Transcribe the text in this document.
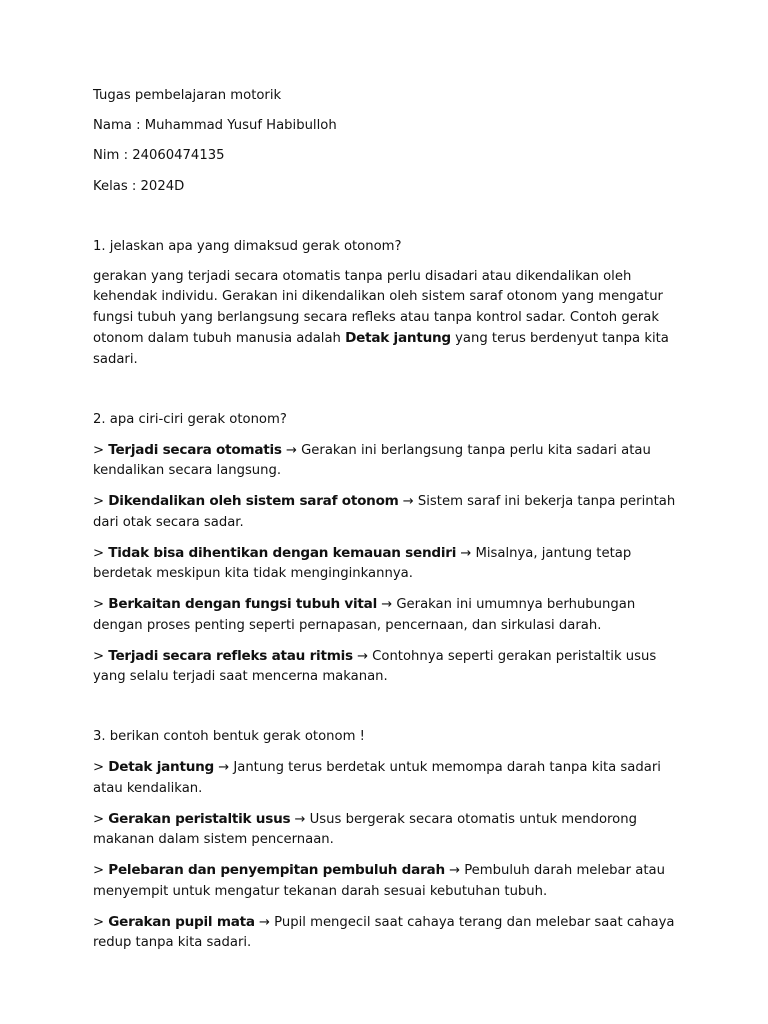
Tugas pembelajaran motorik

Nama : Muhammad Yusuf Habibulloh

Nim : 24060474135

Kelas : 2024D

1. jelaskan apa yang dimaksud gerak otonom?

gerakan yang terjadi secara otomatis tanpa perlu disadari atau dikendalikan oleh kehendak individu. Gerakan ini dikendalikan oleh sistem saraf otonom yang mengatur fungsi tubuh yang berlangsung secara refleks atau tanpa kontrol sadar. Contoh gerak otonom dalam tubuh manusia adalah Detak jantung yang terus berdenyut tanpa kita sadari.

2. apa ciri-ciri gerak otonom?

> Terjadi secara otomatis → Gerakan ini berlangsung tanpa perlu kita sadari atau kendalikan secara langsung.

> Dikendalikan oleh sistem saraf otonom → Sistem saraf ini bekerja tanpa perintah dari otak secara sadar.

> Tidak bisa dihentikan dengan kemauan sendiri → Misalnya, jantung tetap berdetak meskipun kita tidak menginginkannya.

> Berkaitan dengan fungsi tubuh vital → Gerakan ini umumnya berhubungan dengan proses penting seperti pernapasan, pencernaan, dan sirkulasi darah.

> Terjadi secara refleks atau ritmis → Contohnya seperti gerakan peristaltik usus yang selalu terjadi saat mencerna makanan.

3. berikan contoh bentuk gerak otonom !

> Detak jantung → Jantung terus berdetak untuk memompa darah tanpa kita sadari atau kendalikan.

> Gerakan peristaltik usus → Usus bergerak secara otomatis untuk mendorong makanan dalam sistem pencernaan.

> Pelebaran dan penyempitan pembuluh darah → Pembuluh darah melebar atau menyempit untuk mengatur tekanan darah sesuai kebutuhan tubuh.

> Gerakan pupil mata → Pupil mengecil saat cahaya terang dan melebar saat cahaya redup tanpa kita sadari.
